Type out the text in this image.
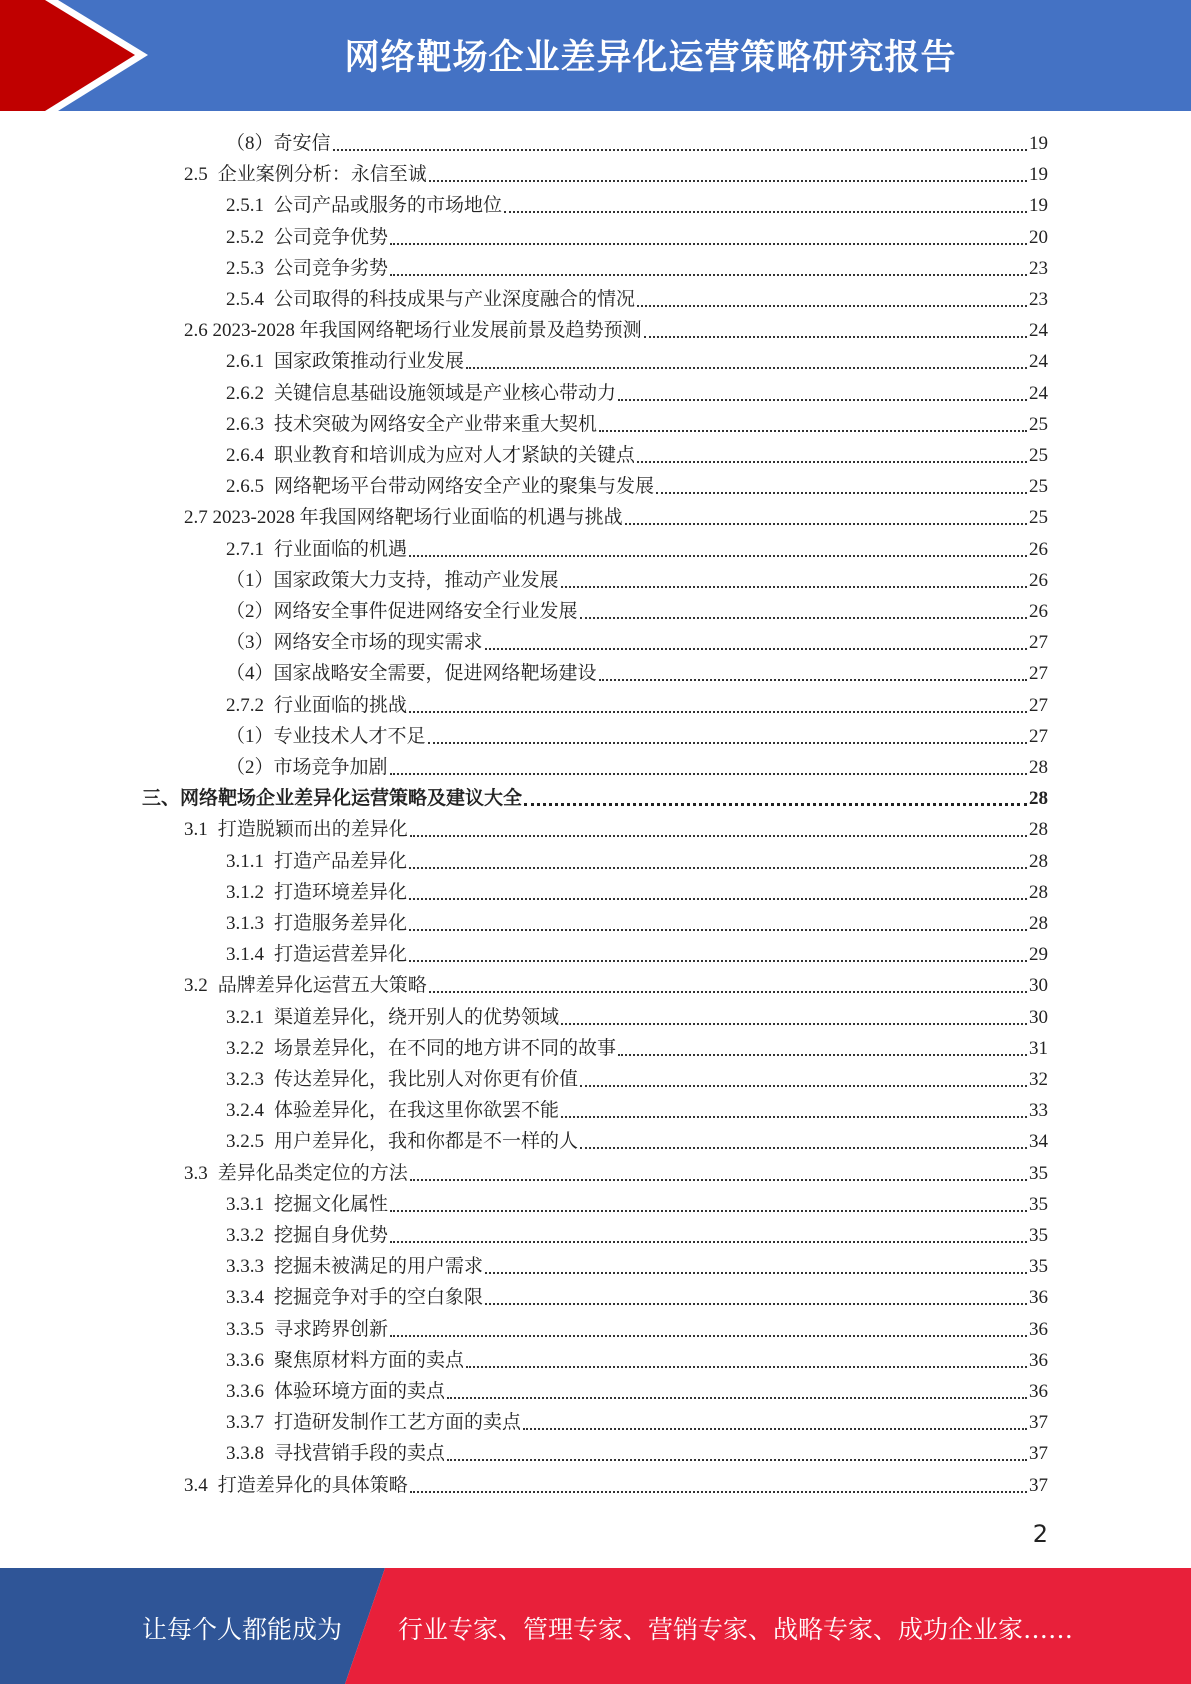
网络靶场企业差异化运营策略研究报告
（8）奇安信	19
2.5 企业案例分析：永信至诚	19
2.5.1 公司产品或服务的市场地位	19
2.5.2 公司竞争优势	20
2.5.3 公司竞争劣势	23
2.5.4 公司取得的科技成果与产业深度融合的情况	23
2.6 2023-2028 年我国网络靶场行业发展前景及趋势预测	24
2.6.1 国家政策推动行业发展	24
2.6.2 关键信息基础设施领域是产业核心带动力	24
2.6.3 技术突破为网络安全产业带来重大契机	25
2.6.4 职业教育和培训成为应对人才紧缺的关键点	25
2.6.5 网络靶场平台带动网络安全产业的聚集与发展	25
2.7 2023-2028 年我国网络靶场行业面临的机遇与挑战	25
2.7.1 行业面临的机遇	26
（1）国家政策大力支持，推动产业发展	26
（2）网络安全事件促进网络安全行业发展	26
（3）网络安全市场的现实需求	27
（4）国家战略安全需要，促进网络靶场建设	27
2.7.2 行业面临的挑战	27
（1）专业技术人才不足	27
（2）市场竞争加剧	28
三、网络靶场企业差异化运营策略及建议大全	28
3.1 打造脱颖而出的差异化	28
3.1.1 打造产品差异化	28
3.1.2 打造环境差异化	28
3.1.3 打造服务差异化	28
3.1.4 打造运营差异化	29
3.2 品牌差异化运营五大策略	30
3.2.1 渠道差异化，绕开别人的优势领域	30
3.2.2 场景差异化，在不同的地方讲不同的故事	31
3.2.3 传达差异化，我比别人对你更有价值	32
3.2.4 体验差异化，在我这里你欲罢不能	33
3.2.5 用户差异化，我和你都是不一样的人	34
3.3 差异化品类定位的方法	35
3.3.1 挖掘文化属性	35
3.3.2 挖掘自身优势	35
3.3.3 挖掘未被满足的用户需求	35
3.3.4 挖掘竞争对手的空白象限	36
3.3.5 寻求跨界创新	36
3.3.6 聚焦原材料方面的卖点	36
3.3.6 体验环境方面的卖点	36
3.3.7 打造研发制作工艺方面的卖点	37
3.3.8 寻找营销手段的卖点	37
3.4 打造差异化的具体策略	37
2
让每个人都能成为 行业专家、管理专家、营销专家、战略专家、成功企业家……
